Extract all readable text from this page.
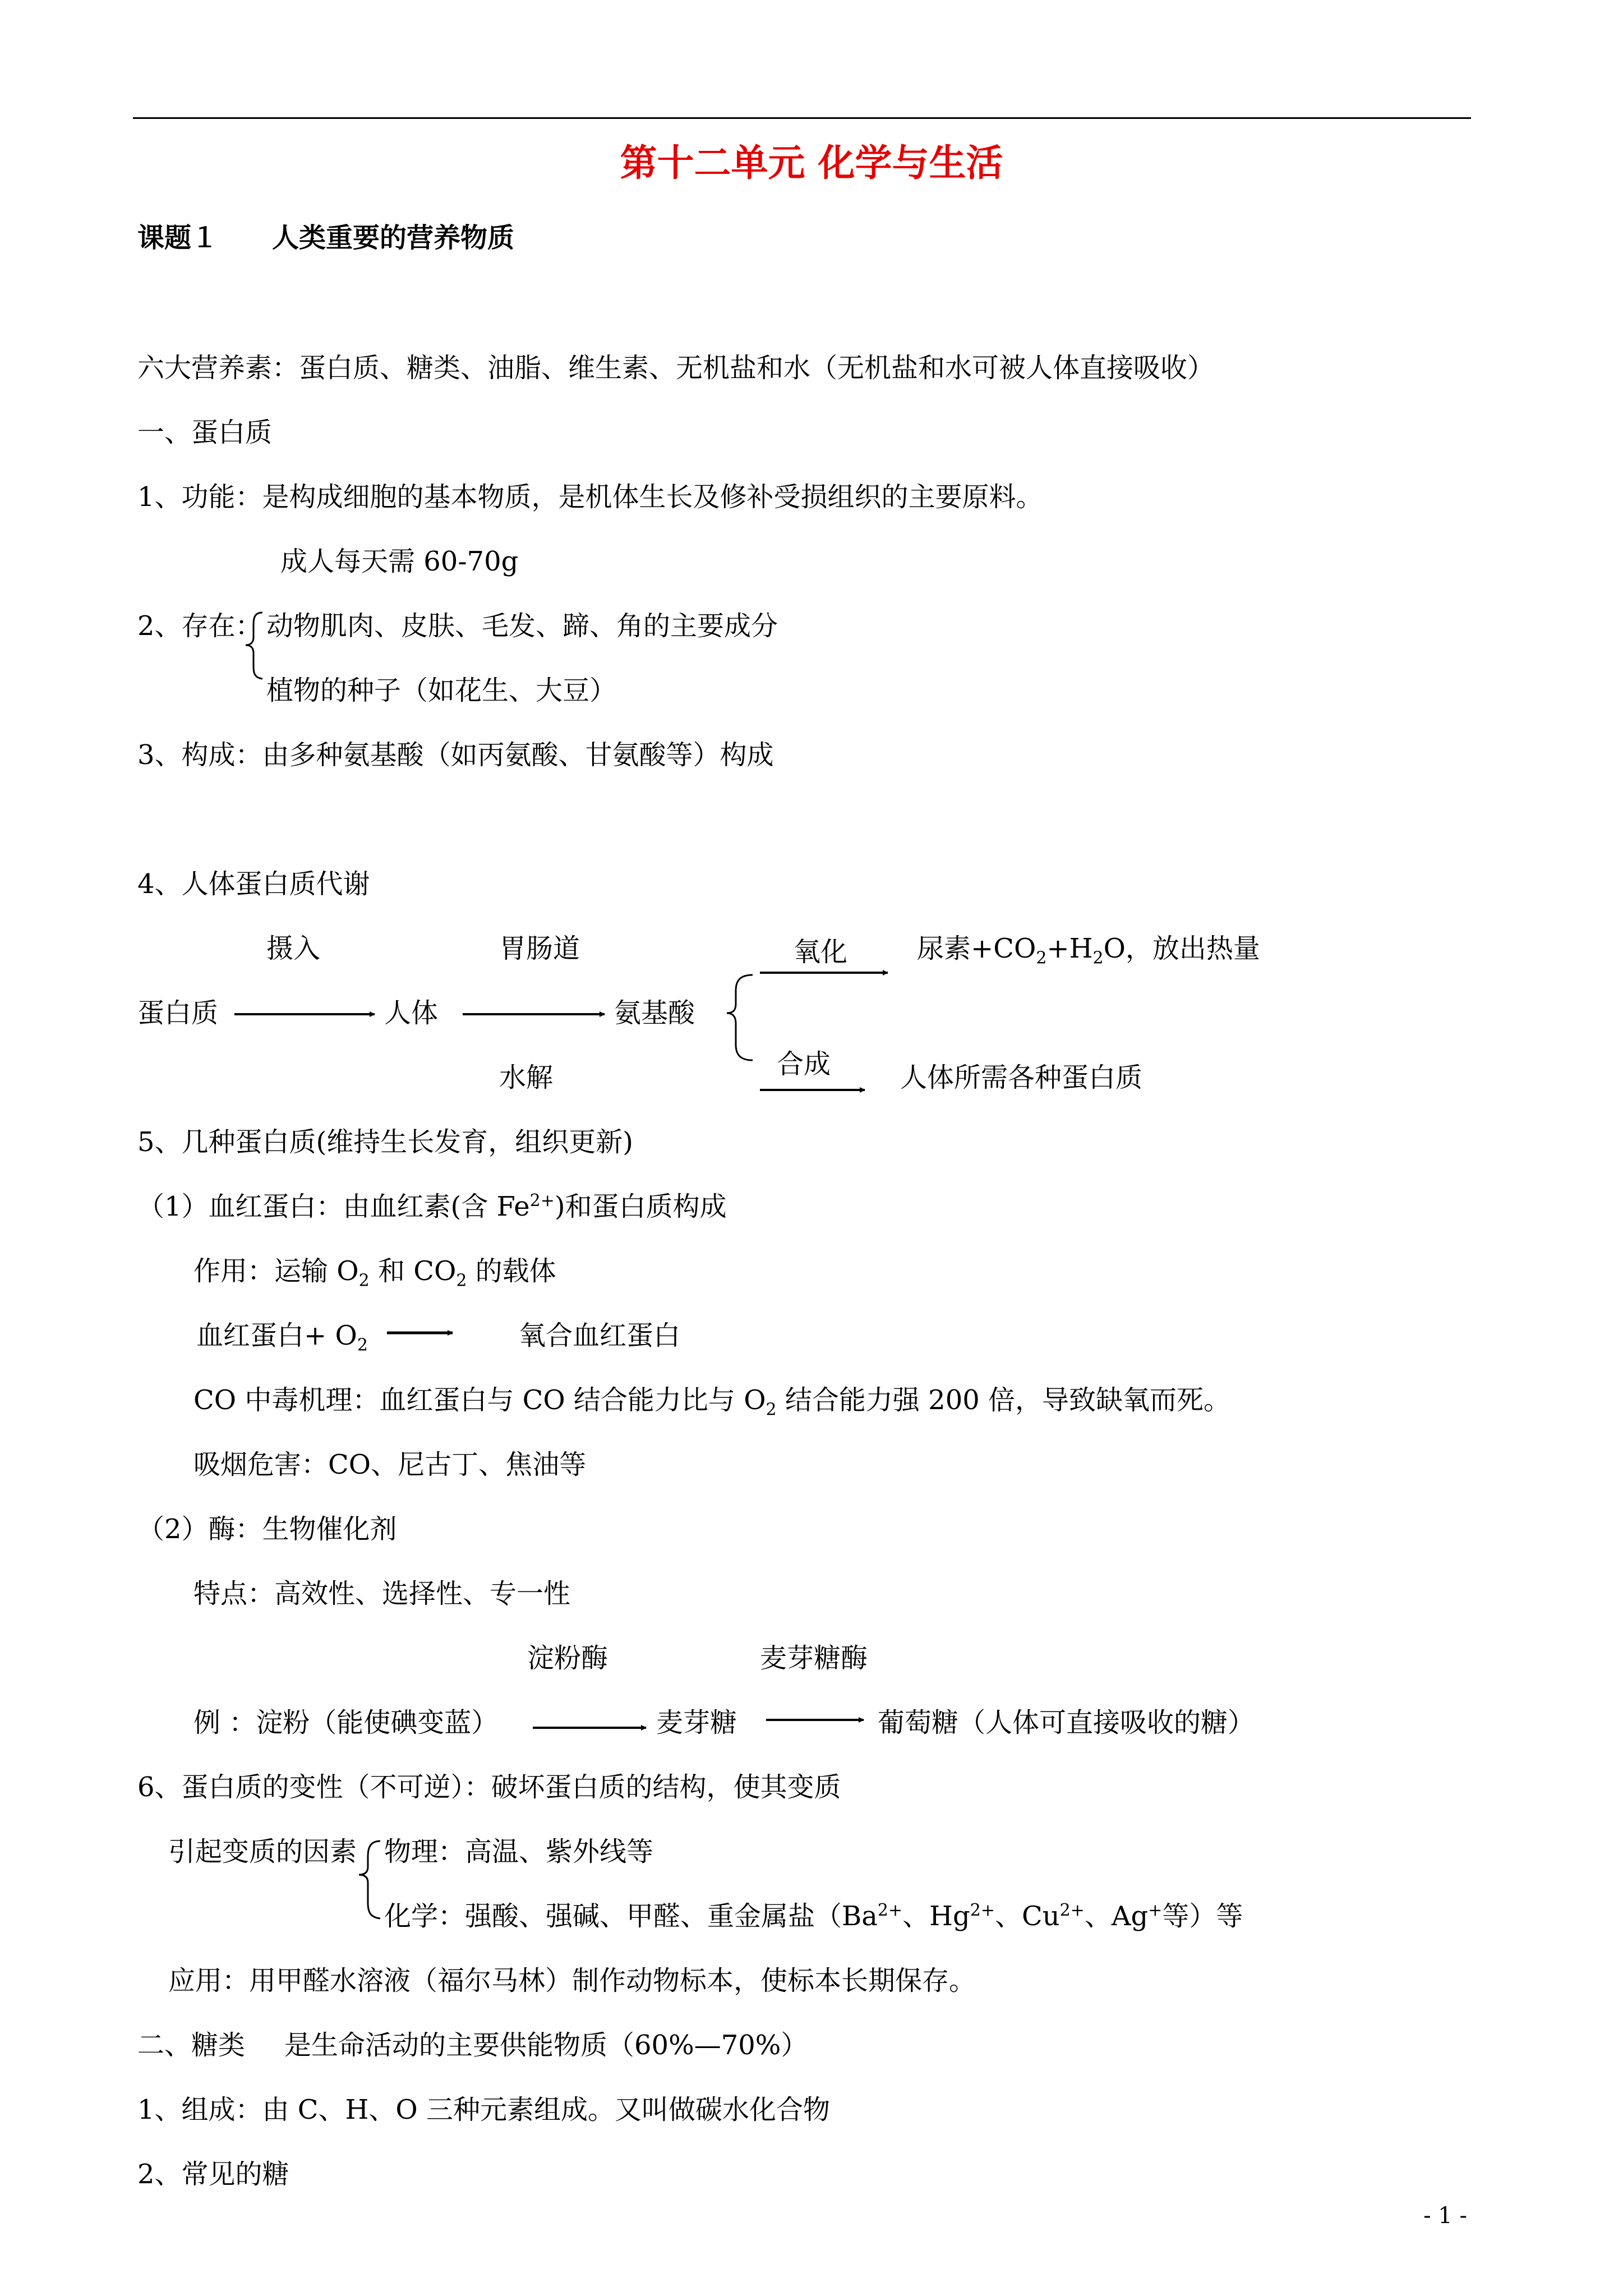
第十二单元 化学与生活
课题１　　人类重要的营养物质
六大营养素：蛋白质、糖类、油脂、维生素、无机盐和水（无机盐和水可被人体直接吸收）
一、蛋白质
1、功能：是构成细胞的基本物质，是机体生长及修补受损组织的主要原料。
成人每天需 60-70g
2、存在： 动物肌肉、皮肤、毛发、蹄、角的主要成分
植物的种子（如花生、大豆）
3、构成：由多种氨基酸（如丙氨酸、甘氨酸等）构成
4、人体蛋白质代谢
摄入	胃肠道	氧化	尿素$+CO_2+H_2O$，放出热量
蛋白质	人体	氨基酸
水解	合成	人体所需各种蛋白质
5、几种蛋白质(维持生长发育，组织更新)
（1）血红蛋白：由血红素(含 $Fe^{2+}$)和蛋白质构成
作用：运输 $O_2$ 和 $CO_2$ 的载体
血红蛋白+ $O_2$	氧合血红蛋白
CO 中毒机理：血红蛋白与 CO 结合能力比与 $O_2$ 结合能力强 200 倍，导致缺氧而死。
吸烟危害：CO、尼古丁、焦油等
（2）酶：生物催化剂
特点：高效性、选择性、专一性
淀粉酶	麦芽糖酶
例 ：淀粉（能使碘变蓝）	麦芽糖	葡萄糖（人体可直接吸收的糖）
6、蛋白质的变性（不可逆）：破坏蛋白质的结构，使其变质
引起变质的因素 物理：高温、紫外线等
化学：强酸、强碱、甲醛、重金属盐（$Ba^{2+}$、$Hg^{2+}$、$Cu^{2+}$、Ag+等）等
应用：用甲醛水溶液（福尔马林）制作动物标本，使标本长期保存。
二、糖类 是生命活动的主要供能物质（60%—70%）
1、组成：由 C、H、O 三种元素组成。又叫做碳水化合物
2、常见的糖
- 1 -
